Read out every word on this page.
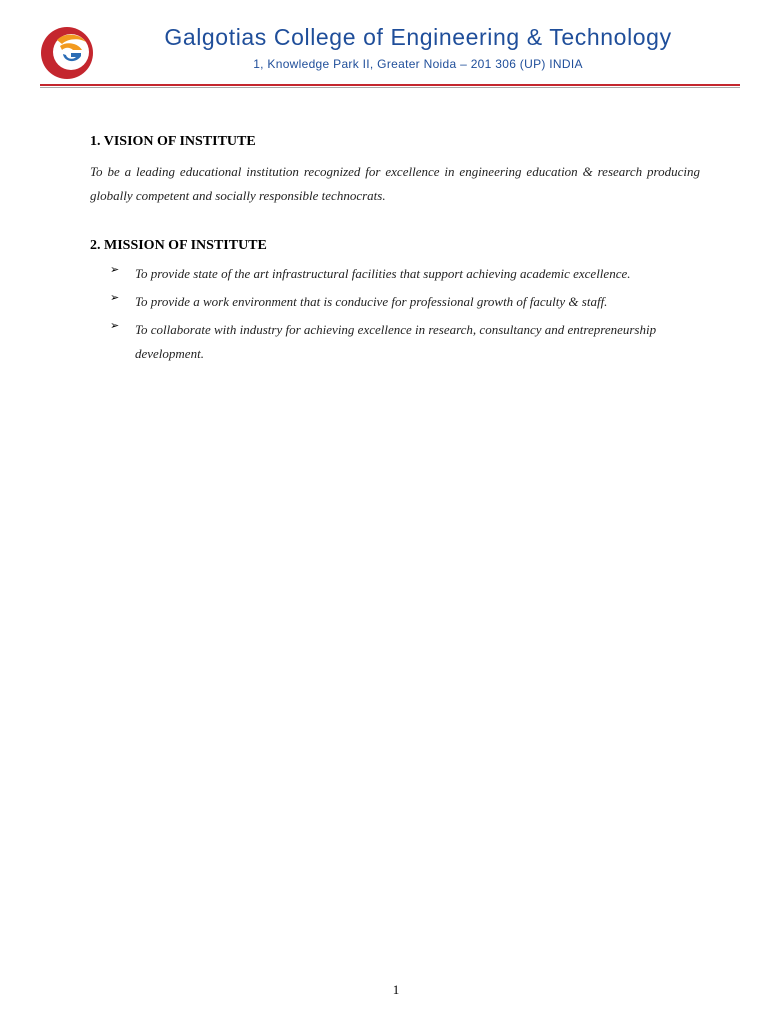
Galgotias College of Engineering & Technology
1, Knowledge Park II, Greater Noida – 201 306 (UP) INDIA
1. VISION OF INSTITUTE
To be a leading educational institution recognized for excellence in engineering education & research producing globally competent and socially responsible technocrats.
2. MISSION OF INSTITUTE
➢ To provide state of the art infrastructural facilities that support achieving academic excellence.
➢ To provide a work environment that is conducive for professional growth of faculty & staff.
➢ To collaborate with industry for achieving excellence in research, consultancy and entrepreneurship development.
1
